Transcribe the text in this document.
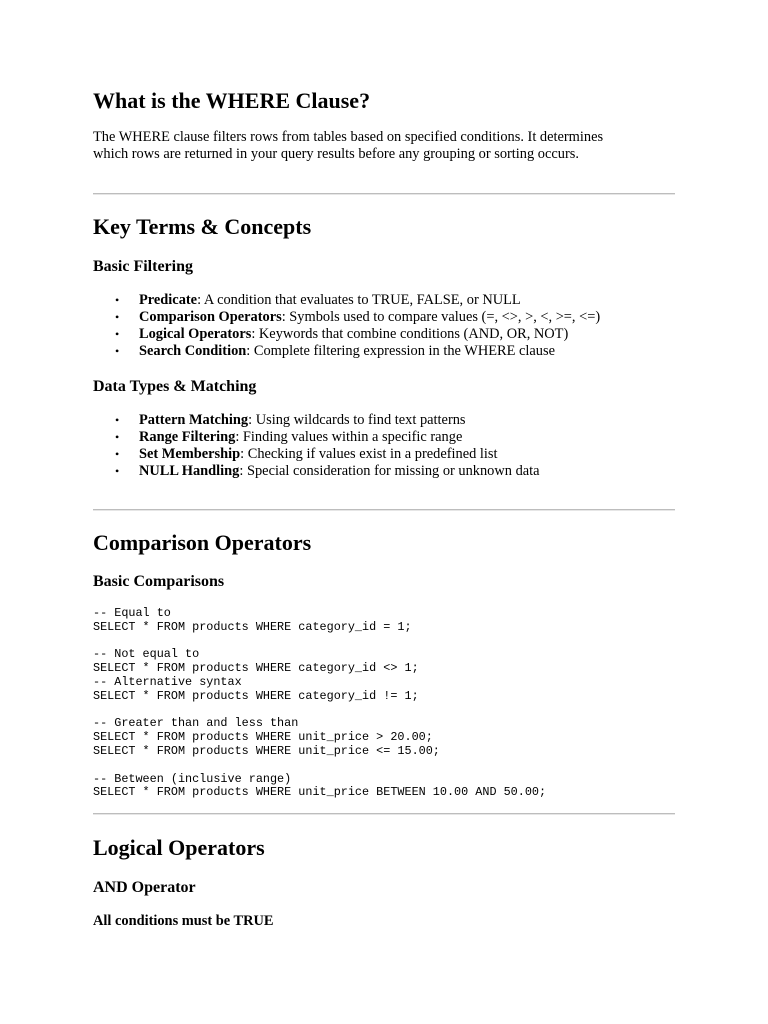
What is the WHERE Clause?

The WHERE clause filters rows from tables based on specified conditions. It determines
which rows are returned in your query results before any grouping or sorting occurs.

Key Terms & Concepts
Basic Filtering
• Predicate: A condition that evaluates to TRUE, FALSE, or NULL
• Comparison Operators: Symbols used to compare values (=, <>, >, <, >=, <=)
• Logical Operators: Keywords that combine conditions (AND, OR, NOT)
• Search Condition: Complete filtering expression in the WHERE clause
Data Types & Matching
• Pattern Matching: Using wildcards to find text patterns
• Range Filtering: Finding values within a specific range
• Set Membership: Checking if values exist in a predefined list
• NULL Handling: Special consideration for missing or unknown data
Comparison Operators
Basic Comparisons
-- Equal to
SELECT * FROM products WHERE category_id = 1;
-- Not equal to
SELECT * FROM products WHERE category_id <> 1;
-- Alternative syntax
SELECT * FROM products WHERE category_id != 1;
-- Greater than and less than
SELECT * FROM products WHERE unit_price > 20.00;
SELECT * FROM products WHERE unit_price <= 15.00;
-- Between (inclusive range)
SELECT * FROM products WHERE unit_price BETWEEN 10.00 AND 50.00;
Logical Operators
AND Operator

All conditions must be TRUE
